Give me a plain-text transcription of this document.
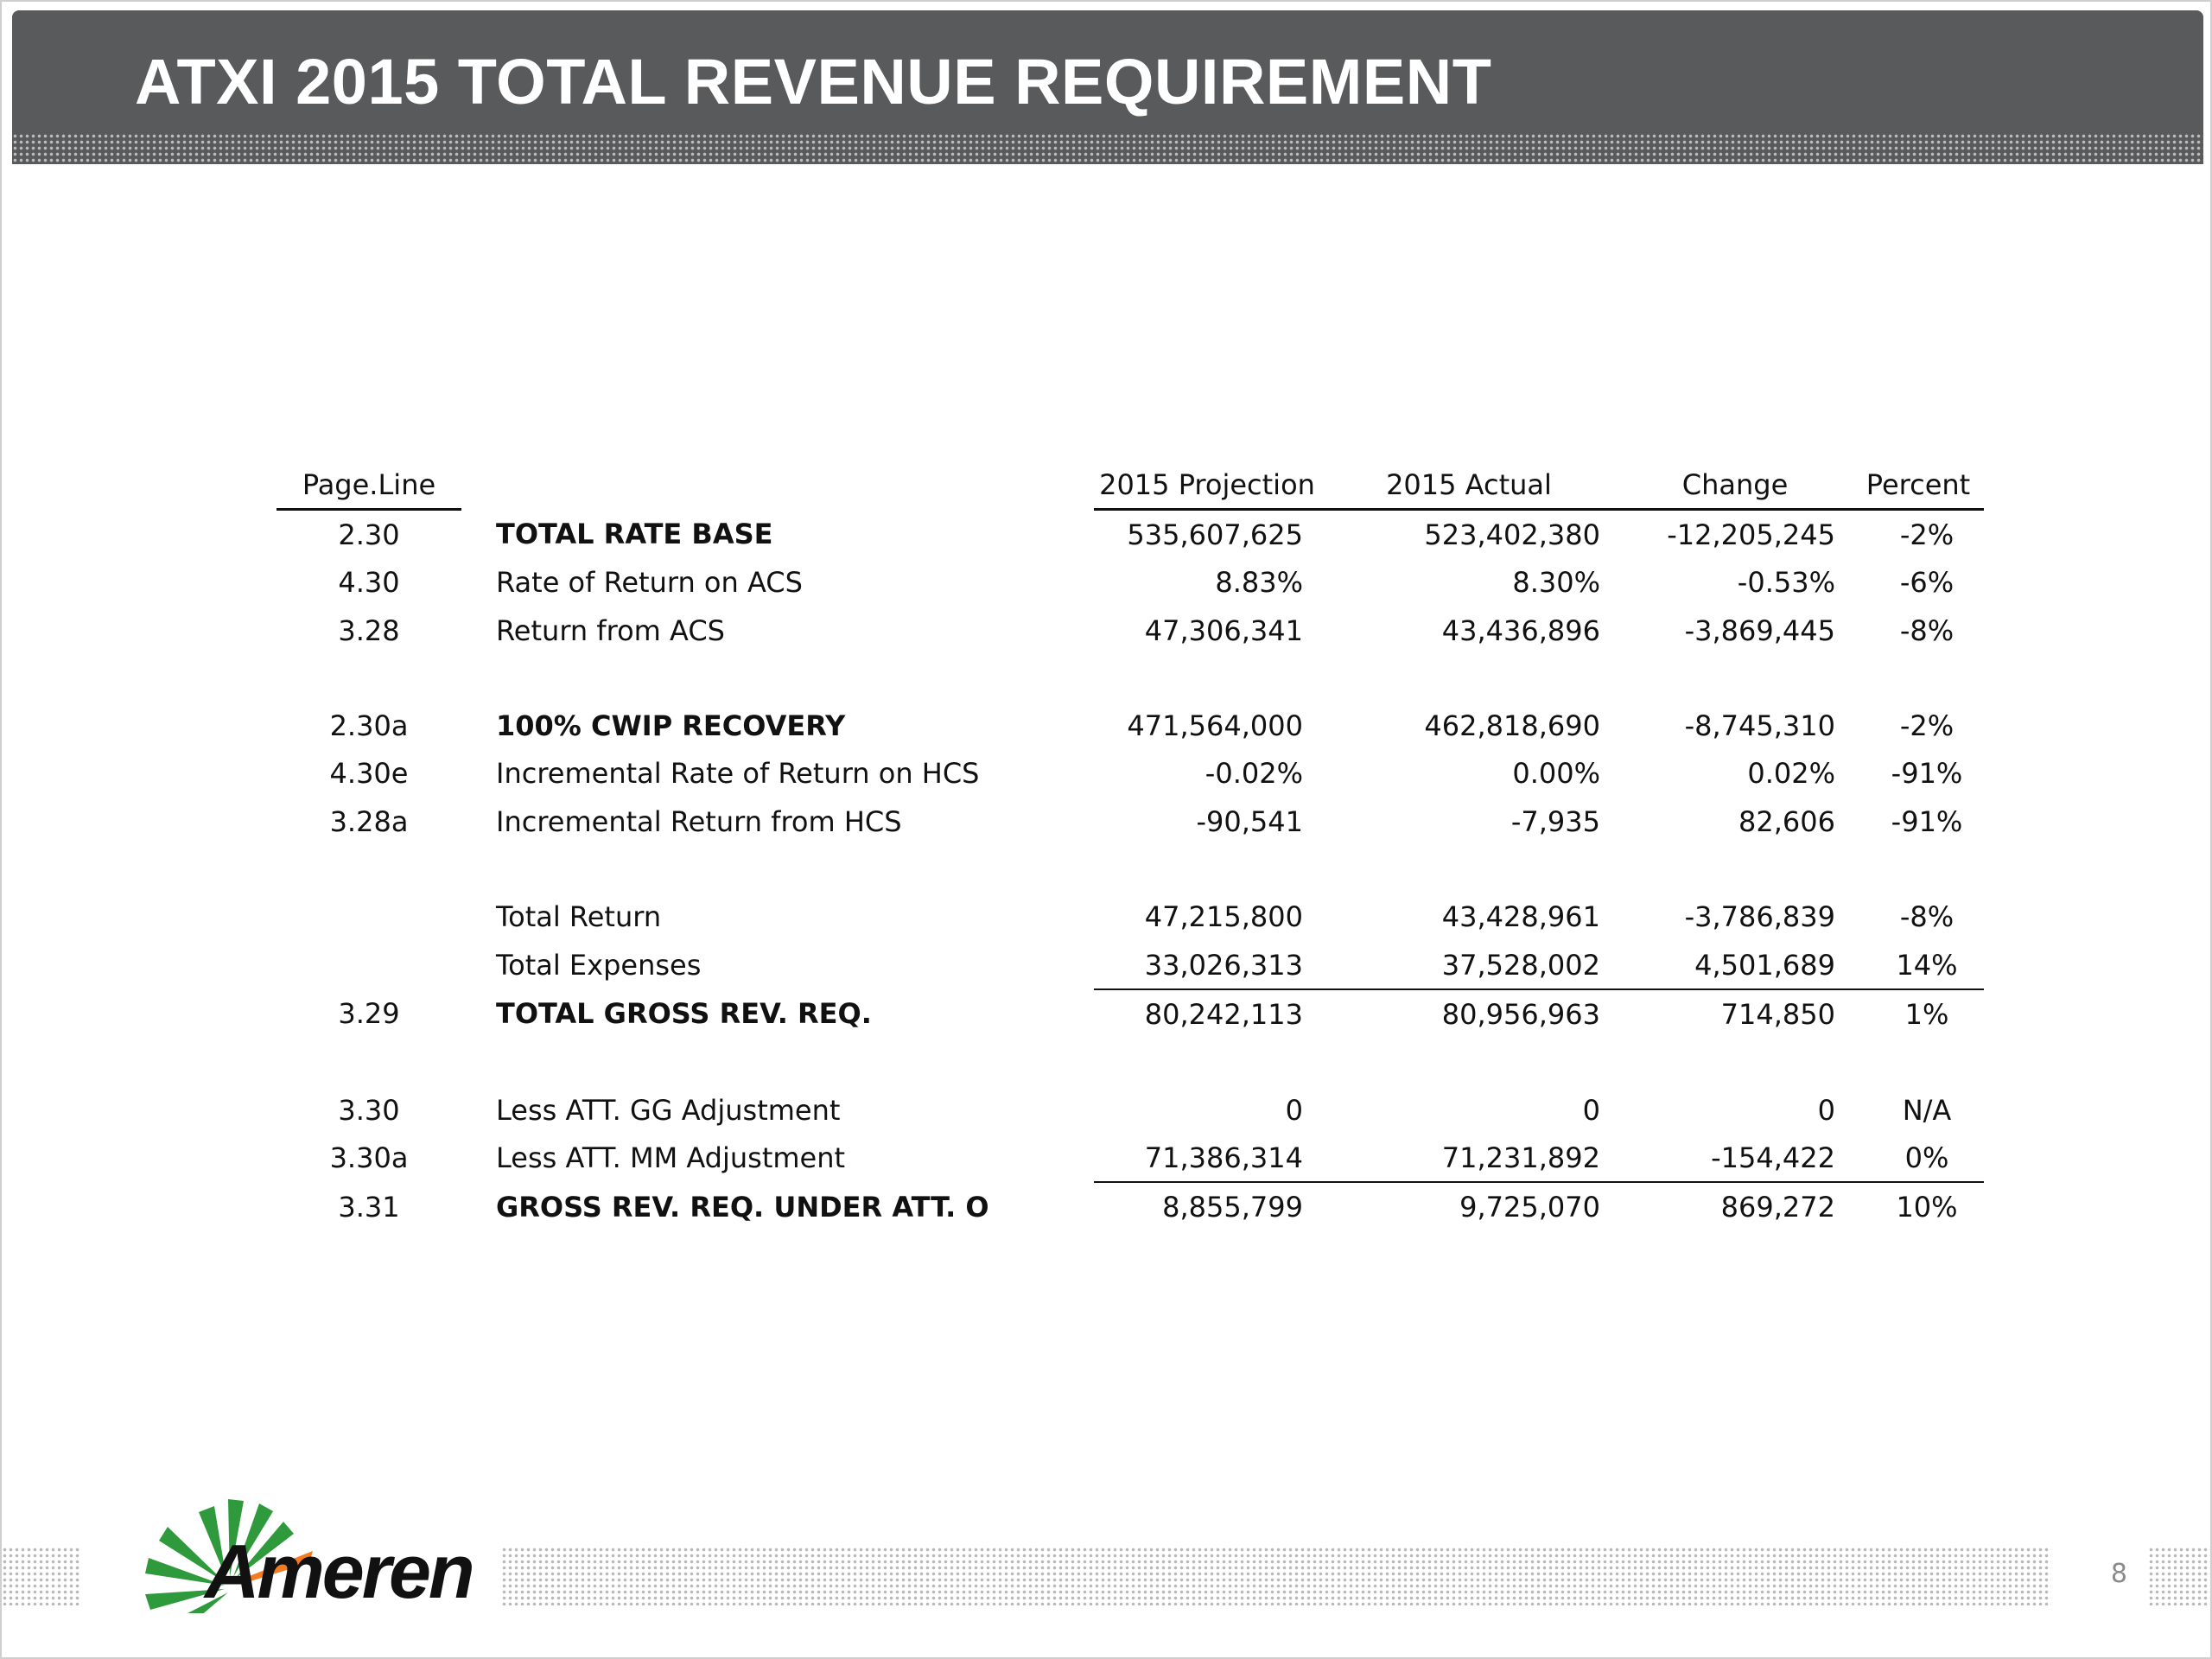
ATXI 2015 TOTAL REVENUE REQUIREMENT
Page.Line			2015 Projection	2015 Actual	Change	Percent
2.30		TOTAL RATE BASE	535,607,625	523,402,380	-12,205,245	-2%
4.30		Rate of Return on ACS	8.83%	8.30%	-0.53%	-6%
3.28		Return from ACS	47,306,341	43,436,896	-3,869,445	-8%

2.30a		100% CWIP RECOVERY	471,564,000	462,818,690	-8,745,310	-2%
4.30e		Incremental Rate of Return on HCS	-0.02%	0.00%	0.02%	-91%
3.28a		Incremental Return from HCS	-90,541	-7,935	82,606	-91%

		Total Return	47,215,800	43,428,961	-3,786,839	-8%
		Total Expenses	33,026,313	37,528,002	4,501,689	14%
3.29		TOTAL GROSS REV. REQ.	80,242,113	80,956,963	714,850	1%

3.30		Less ATT. GG Adjustment	0	0	0	N/A
3.30a		Less ATT. MM Adjustment	71,386,314	71,231,892	-154,422	0%
3.31		GROSS REV. REQ. UNDER ATT. O	8,855,799	9,725,070	869,272	10%

Ameren	8
